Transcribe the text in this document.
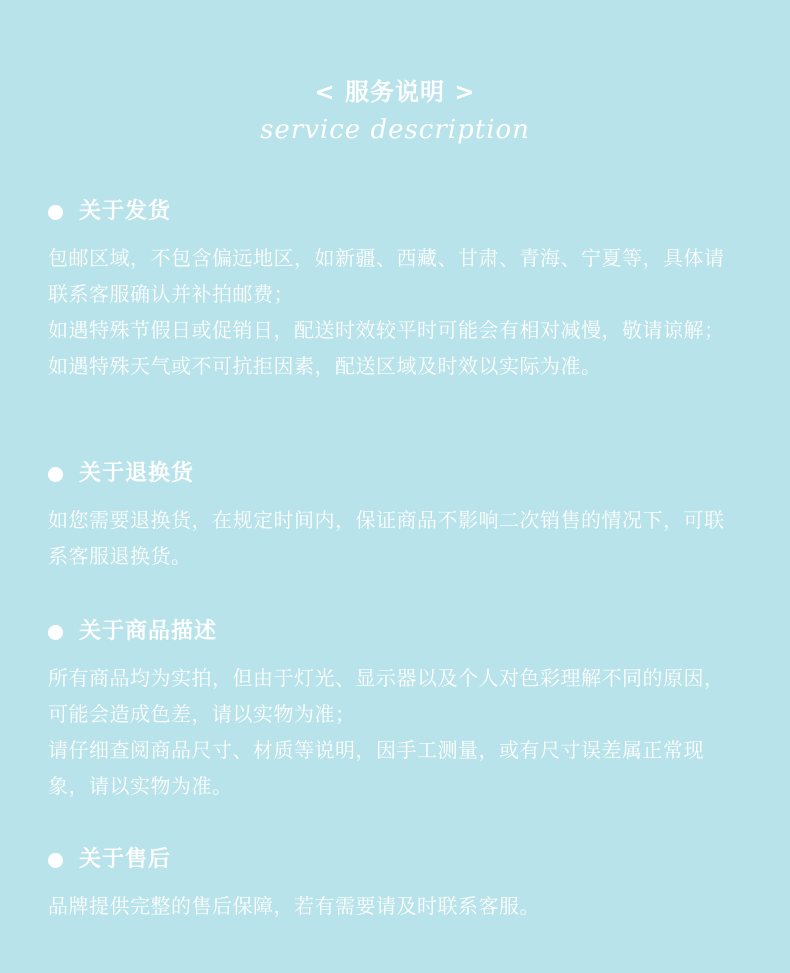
< 服务说明 >
service description
关于发货

包邮区域，不包含偏远地区，如新疆、西藏、甘肃、青海、宁夏等，具体请联系客服确认并补拍邮费；

如遇特殊节假日或促销日，配送时效较平时可能会有相对减慢，敬请谅解；

如遇特殊天气或不可抗拒因素，配送区域及时效以实际为准。

关于退换货

如您需要退换货，在规定时间内，保证商品不影响二次销售的情况下，可联系客服退换货。

关于商品描述

所有商品均为实拍，但由于灯光、显示器以及个人对色彩理解不同的原因，可能会造成色差，请以实物为准；

请仔细查阅商品尺寸、材质等说明，因手工测量，或有尺寸误差属正常现象，请以实物为准。

关于售后

品牌提供完整的售后保障，若有需要请及时联系客服。
